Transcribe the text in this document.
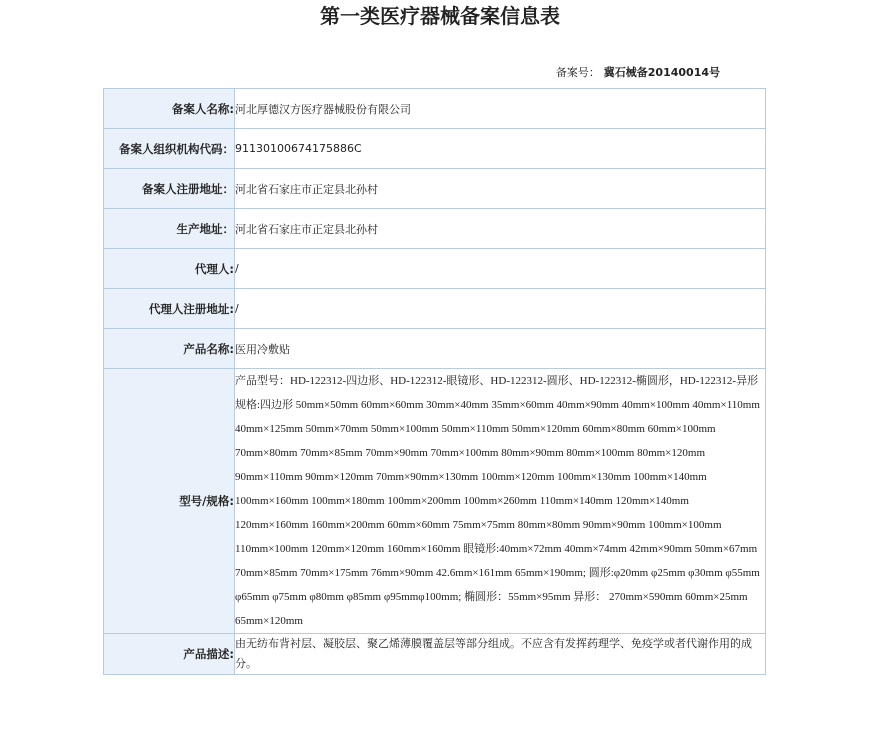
第一类医疗器械备案信息表
备案号： 冀石械备20140014号
备案人名称:	河北厚德汉方医疗器械股份有限公司
备案人组织机构代码：	91130100674175886C
备案人注册地址：	河北省石家庄市正定县北孙村
生产地址：	河北省石家庄市正定县北孙村
代理人:	/
代理人注册地址:	/
产品名称:	医用冷敷贴
型号/规格:	产品型号：HD-122312-四边形、HD-122312-眼镜形、HD-122312-圆形、HD-122312-椭圆形，HD-122312-异形规格:四边形 50mm×50mm 60mm×60mm 30mm×40mm 35mm×60mm 40mm×90mm 40mm×100mm 40mm×110mm 40mm×125mm 50mm×70mm 50mm×100mm 50mm×110mm 50mm×120mm 60mm×80mm 60mm×100mm 70mm×80mm 70mm×85mm 70mm×90mm 70mm×100mm 80mm×90mm 80mm×100mm 80mm×120mm 90mm×110mm 90mm×120mm 70mm×90mm×130mm 100mm×120mm 100mm×130mm 100mm×140mm 100mm×160mm 100mm×180mm 100mm×200mm 100mm×260mm 110mm×140mm 120mm×140mm 120mm×160mm 160mm×200mm 60mm×60mm 75mm×75mm 80mm×80mm 90mm×90mm 100mm×100mm 110mm×100mm 120mm×120mm 160mm×160mm 眼镜形:40mm×72mm 40mm×74mm 42mm×90mm 50mm×67mm 70mm×85mm 70mm×175mm 76mm×90mm 42.6mm×161mm 65mm×190mm; 圆形:φ20mm φ25mm φ30mm φ55mm φ65mm φ75mm φ80mm φ85mm φ95mmφ100mm; 椭圆形：55mm×95mm 异形： 270mm×590mm 60mm×25mm 65mm×120mm
产品描述:	由无纺布背衬层、凝胶层、聚乙烯薄膜覆盖层等部分组成。不应含有发挥药理学、免疫学或者代谢作用的成分。
